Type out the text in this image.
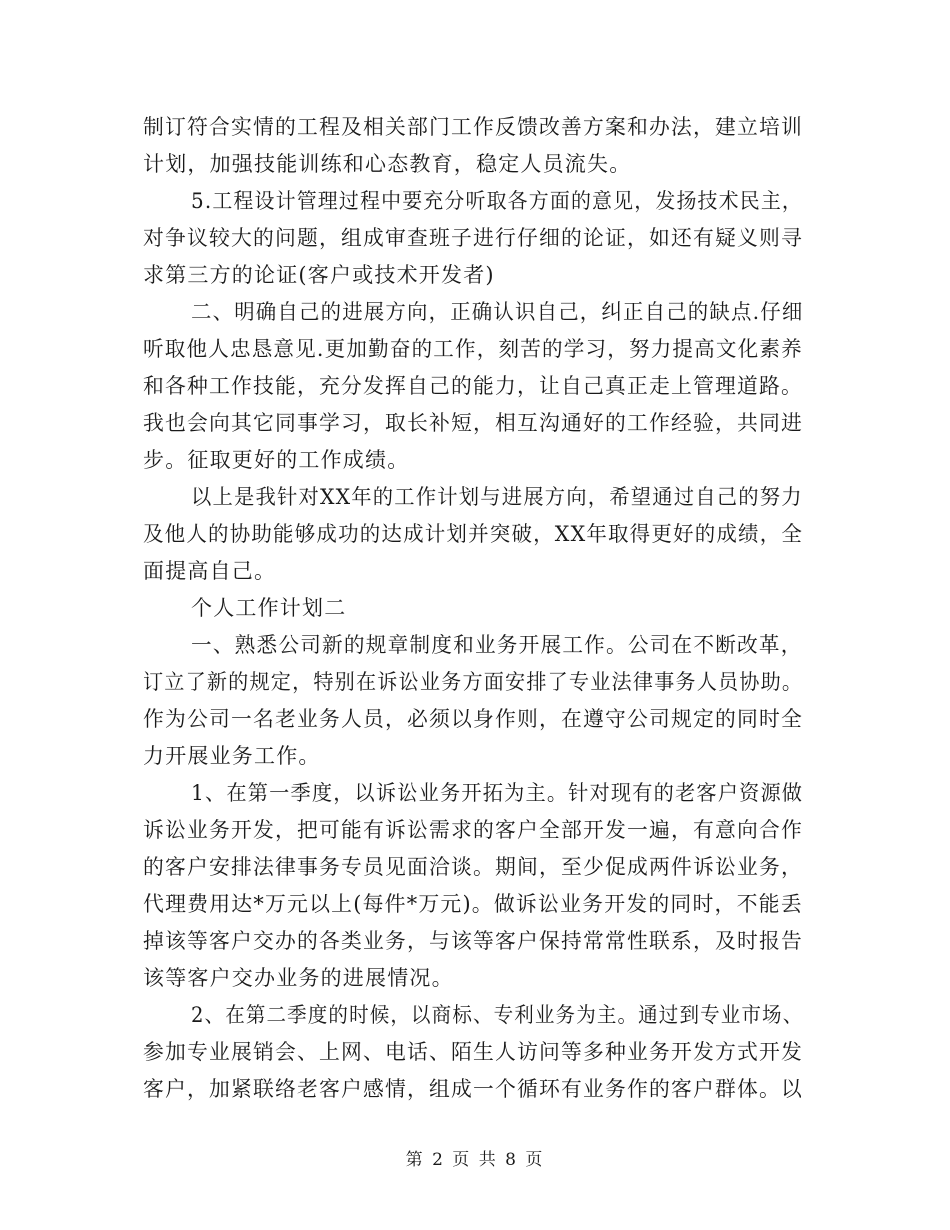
制订符合实情的工程及相关部门工作反馈改善方案和办法，建立培训
计划，加强技能训练和心态教育，稳定人员流失。
5.工程设计管理过程中要充分听取各方面的意见，发扬技术民主，
对争议较大的问题，组成审查班子进行仔细的论证，如还有疑义则寻
求第三方的论证(客户或技术开发者)
二、明确自己的进展方向，正确认识自己，纠正自己的缺点.仔细
听取他人忠恳意见.更加勤奋的工作，刻苦的学习，努力提高文化素养
和各种工作技能，充分发挥自己的能力，让自己真正走上管理道路。
我也会向其它同事学习，取长补短，相互沟通好的工作经验，共同进
步。征取更好的工作成绩。
以上是我针对XX年的工作计划与进展方向，希望通过自己的努力
及他人的协助能够成功的达成计划并突破，XX年取得更好的成绩，全
面提高自己。
个人工作计划二
一、熟悉公司新的规章制度和业务开展工作。公司在不断改革，
订立了新的规定，特别在诉讼业务方面安排了专业法律事务人员协助。
作为公司一名老业务人员，必须以身作则，在遵守公司规定的同时全
力开展业务工作。
1、在第一季度，以诉讼业务开拓为主。针对现有的老客户资源做
诉讼业务开发，把可能有诉讼需求的客户全部开发一遍，有意向合作
的客户安排法律事务专员见面洽谈。期间，至少促成两件诉讼业务，
代理费用达*万元以上(每件*万元)。做诉讼业务开发的同时，不能丢
掉该等客户交办的各类业务，与该等客户保持常常性联系，及时报告
该等客户交办业务的进展情况。
2、在第二季度的时候，以商标、专利业务为主。通过到专业市场、
参加专业展销会、上网、电话、陌生人访问等多种业务开发方式开发
客户，加紧联络老客户感情，组成一个循环有业务作的客户群体。以
第 2 页 共 8 页
